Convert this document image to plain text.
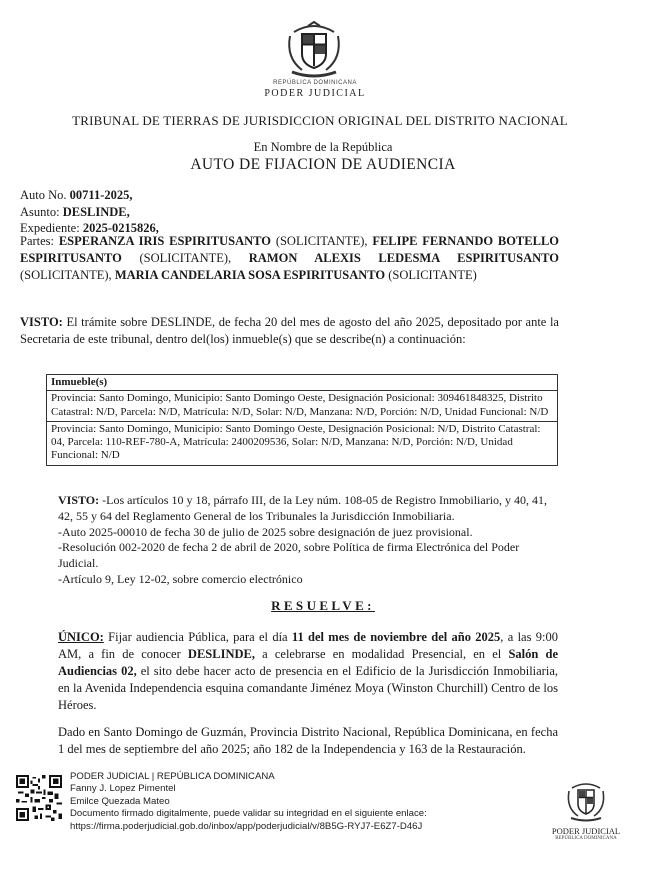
REPÚBLICA DOMINICANA
PODER JUDICIAL
TRIBUNAL DE TIERRAS DE JURISDICCION ORIGINAL DEL DISTRITO NACIONAL
En Nombre de la República
AUTO DE FIJACION DE AUDIENCIA
Auto No. 00711-2025,
Asunto: DESLINDE,
Expediente: 2025-0215826,
Partes: ESPERANZA IRIS ESPIRITUSANTO (SOLICITANTE), FELIPE FERNANDO BOTELLO ESPIRITUSANTO (SOLICITANTE), RAMON ALEXIS LEDESMA ESPIRITUSANTO (SOLICITANTE), MARIA CANDELARIA SOSA ESPIRITUSANTO (SOLICITANTE)
VISTO: El trámite sobre DESLINDE, de fecha 20 del mes de agosto del año 2025, depositado por ante la Secretaria de este tribunal, dentro del(los) inmueble(s) que se describe(n) a continuación:
Inmueble(s)
Provincia: Santo Domingo, Municipio: Santo Domingo Oeste, Designación Posicional: 309461848325, Distrito Catastral: N/D, Parcela: N/D, Matrícula: N/D, Solar: N/D, Manzana: N/D, Porción: N/D, Unidad Funcional: N/D
Provincia: Santo Domingo, Municipio: Santo Domingo Oeste, Designación Posicional: N/D, Distrito Catastral: 04, Parcela: 110-REF-780-A, Matrícula: 2400209536, Solar: N/D, Manzana: N/D, Porción: N/D, Unidad Funcional: N/D
VISTO: -Los artículos 10 y 18, párrafo III, de la Ley núm. 108-05 de Registro Inmobiliario, y 40, 41, 42, 55 y 64 del Reglamento General de los Tribunales la Jurisdicción Inmobiliaria.
-Auto 2025-00010 de fecha 30 de julio de 2025 sobre designación de juez provisional.
-Resolución 002-2020 de fecha 2 de abril de 2020, sobre Política de firma Electrónica del Poder Judicial.
-Artículo 9, Ley 12-02, sobre comercio electrónico
RESUELVE:
ÚNICO: Fijar audiencia Pública, para el día 11 del mes de noviembre del año 2025, a las 9:00 AM, a fin de conocer DESLINDE, a celebrarse en modalidad Presencial, en el Salón de Audiencias 02, el sito debe hacer acto de presencia en el Edificio de la Jurisdicción Inmobiliaria, en la Avenida Independencia esquina comandante Jiménez Moya (Winston Churchill) Centro de los Héroes.
Dado en Santo Domingo de Guzmán, Provincia Distrito Nacional, República Dominicana, en fecha 1 del mes de septiembre del año 2025; año 182 de la Independencia y 163 de la Restauración.
PODER JUDICIAL | REPÚBLICA DOMINICANA
Fanny J. Lopez Pimentel
Emilce Quezada Mateo
Documento firmado digitalmente, puede validar su integridad en el siguiente enlace:
https://firma.poderjudicial.gob.do/inbox/app/poderjudicial/v/8B5G-RYJ7-E6Z7-D46J	PODER JUDICIAL
REPÚBLICA DOMINICANA
